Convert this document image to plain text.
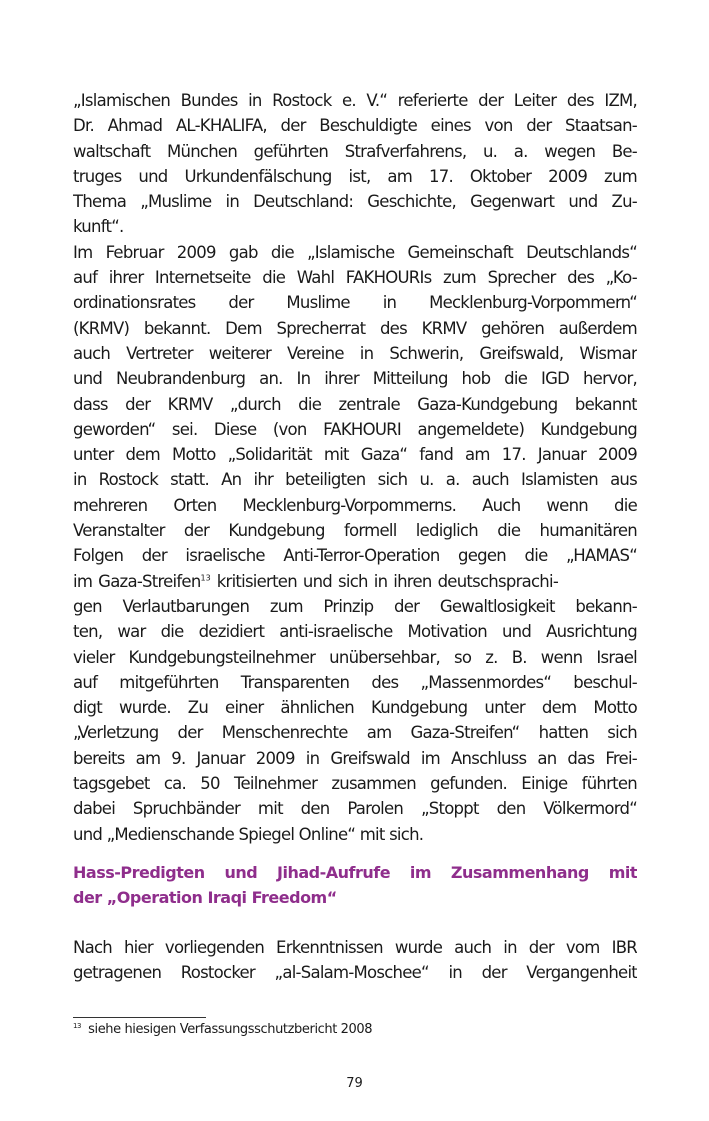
„Islamischen Bundes in Rostock e. V.“ referierte der Leiter des IZM,
Dr. Ahmad AL-KHALIFA, der Beschuldigte eines von der Staatsan-
waltschaft München geführten Strafverfahrens, u. a. wegen Be-
truges und Urkundenfälschung ist, am 17. Oktober 2009 zum
Thema „Muslime in Deutschland: Geschichte, Gegenwart und Zu-
kunft“.
Im Februar 2009 gab die „Islamische Gemeinschaft Deutschlands“
auf ihrer Internetseite die Wahl FAKHOURIs zum Sprecher des „Ko-
ordinationsrates der Muslime in Mecklenburg-Vorpommern“
(KRMV) bekannt. Dem Sprecherrat des KRMV gehören außerdem
auch Vertreter weiterer Vereine in Schwerin, Greifswald, Wismar
und Neubrandenburg an. In ihrer Mitteilung hob die IGD hervor,
dass der KRMV „durch die zentrale Gaza-Kundgebung bekannt
geworden“ sei. Diese (von FAKHOURI angemeldete) Kundgebung
unter dem Motto „Solidarität mit Gaza“ fand am 17. Januar 2009
in Rostock statt. An ihr beteiligten sich u. a. auch Islamisten aus
mehreren Orten Mecklenburg-Vorpommerns. Auch wenn die
Veranstalter der Kundgebung formell lediglich die humanitären
Folgen der israelische Anti-Terror-Operation gegen die „HAMAS“
im Gaza-Streifen$^{13}$ kritisierten und sich in ihren deutschsprachi-
gen Verlautbarungen zum Prinzip der Gewaltlosigkeit bekann-
ten, war die dezidiert anti-israelische Motivation und Ausrichtung
vieler Kundgebungsteilnehmer unübersehbar, so z. B. wenn Israel
auf mitgeführten Transparenten des „Massenmordes“ beschul-
digt wurde. Zu einer ähnlichen Kundgebung unter dem Motto
„Verletzung der Menschenrechte am Gaza-Streifen“ hatten sich
bereits am 9. Januar 2009 in Greifswald im Anschluss an das Frei-
tagsgebet ca. 50 Teilnehmer zusammen gefunden. Einige führten
dabei Spruchbänder mit den Parolen „Stoppt den Völkermord“
und „Medienschande Spiegel Online“ mit sich.
Hass-Predigten und Jihad-Aufrufe im Zusammenhang mit
der „Operation Iraqi Freedom“
Nach hier vorliegenden Erkenntnissen wurde auch in der vom IBR
getragenen Rostocker „al-Salam-Moschee“ in der Vergangenheit
$^{13}$ siehe hiesigen Verfassungsschutzbericht 2008
79
